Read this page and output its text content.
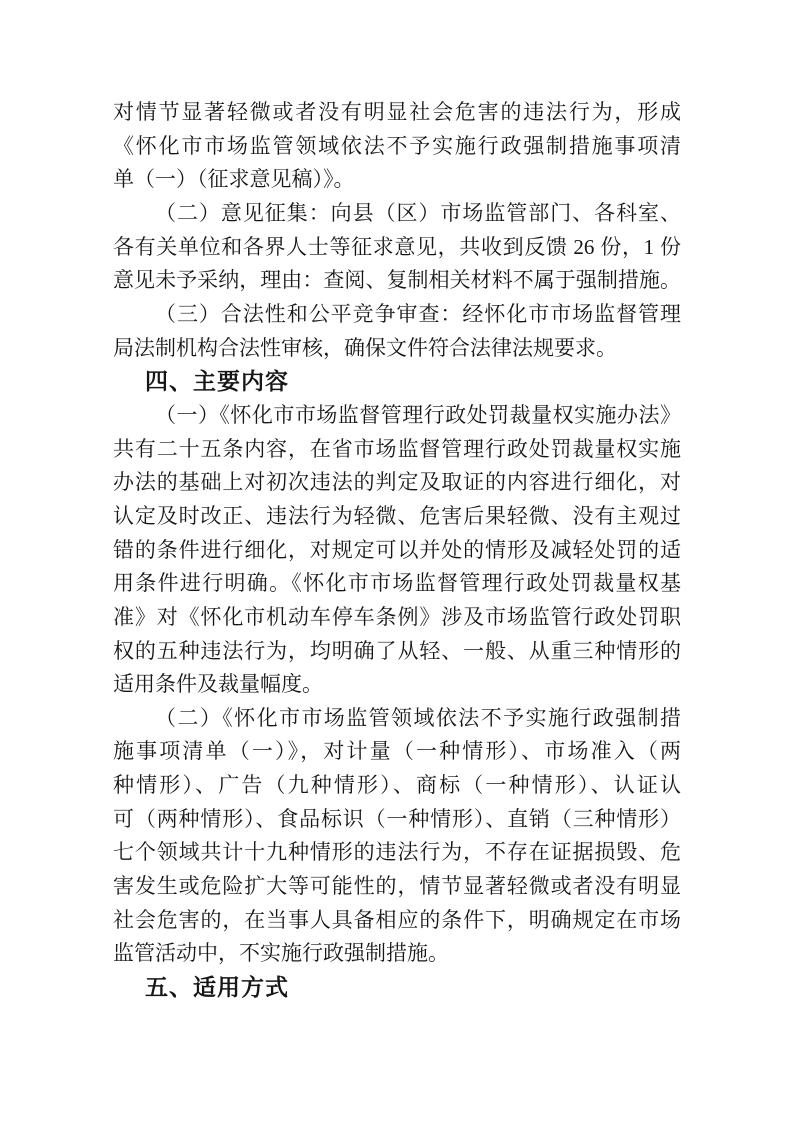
对情节显著轻微或者没有明显社会危害的违法行为，形成
《怀化市市场监管领域依法不予实施行政强制措施事项清
单（一）（征求意见稿）》。
（二）意见征集：向县（区）市场监管部门、各科室、
各有关单位和各界人士等征求意见，共收到反馈 26 份，1 份
意见未予采纳，理由：查阅、复制相关材料不属于强制措施。
（三）合法性和公平竞争审查：经怀化市市场监督管理
局法制机构合法性审核，确保文件符合法律法规要求。
四、主要内容
（一）《怀化市市场监督管理行政处罚裁量权实施办法》
共有二十五条内容，在省市场监督管理行政处罚裁量权实施
办法的基础上对初次违法的判定及取证的内容进行细化，对
认定及时改正、违法行为轻微、危害后果轻微、没有主观过
错的条件进行细化，对规定可以并处的情形及减轻处罚的适
用条件进行明确。《怀化市市场监督管理行政处罚裁量权基
准》对《怀化市机动车停车条例》涉及市场监管行政处罚职
权的五种违法行为，均明确了从轻、一般、从重三种情形的
适用条件及裁量幅度。
（二）《怀化市市场监管领域依法不予实施行政强制措
施事项清单（一）》，对计量（一种情形）、市场准入（两
种情形）、广告（九种情形）、商标（一种情形）、认证认
可（两种情形）、食品标识（一种情形）、直销（三种情形）
七个领域共计十九种情形的违法行为，不存在证据损毁、危
害发生或危险扩大等可能性的，情节显著轻微或者没有明显
社会危害的，在当事人具备相应的条件下，明确规定在市场
监管活动中，不实施行政强制措施。
五、适用方式
